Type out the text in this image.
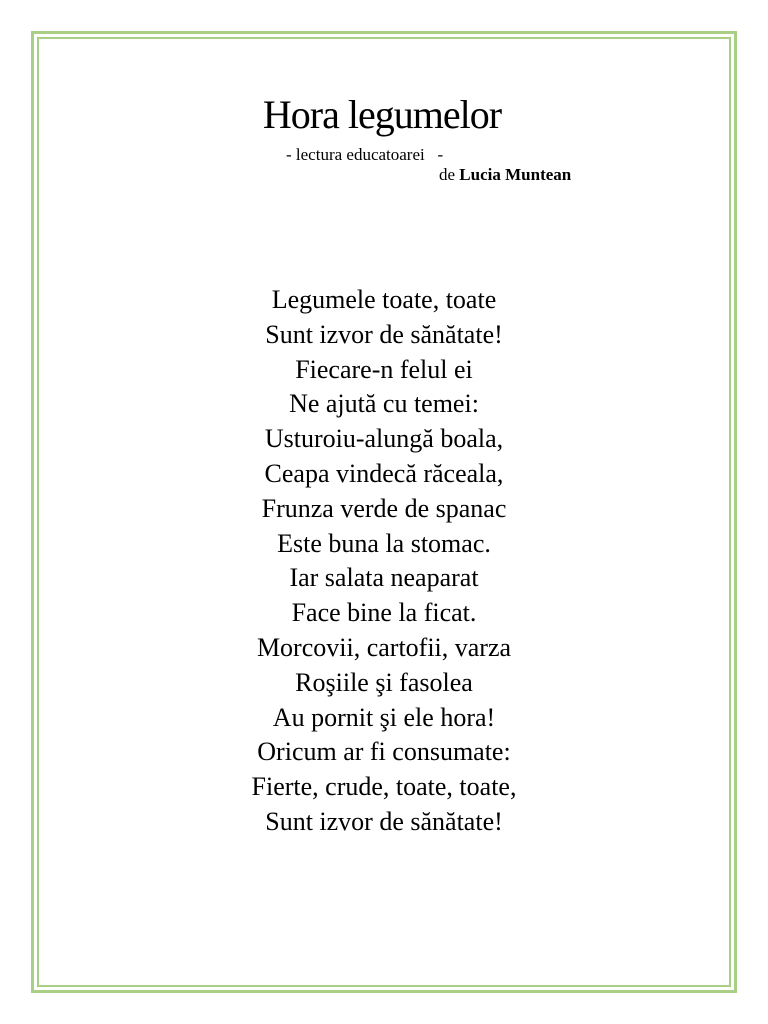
Hora legumelor
- lectura educatoarei   -
de Lucia Muntean
Legumele toate, toate
Sunt izvor de sănătate!
Fiecare-n felul ei
Ne ajută cu temei:
Usturoiu-alungă boala,
Ceapa vindecă răceala,
Frunza verde de spanac
Este buna la stomac.
Iar salata neaparat
Face bine la ficat.
Morcovii, cartofii, varza
Roşiile şi fasolea
Au pornit şi ele hora!
Oricum ar fi consumate:
Fierte, crude, toate, toate,
Sunt izvor de sănătate!
